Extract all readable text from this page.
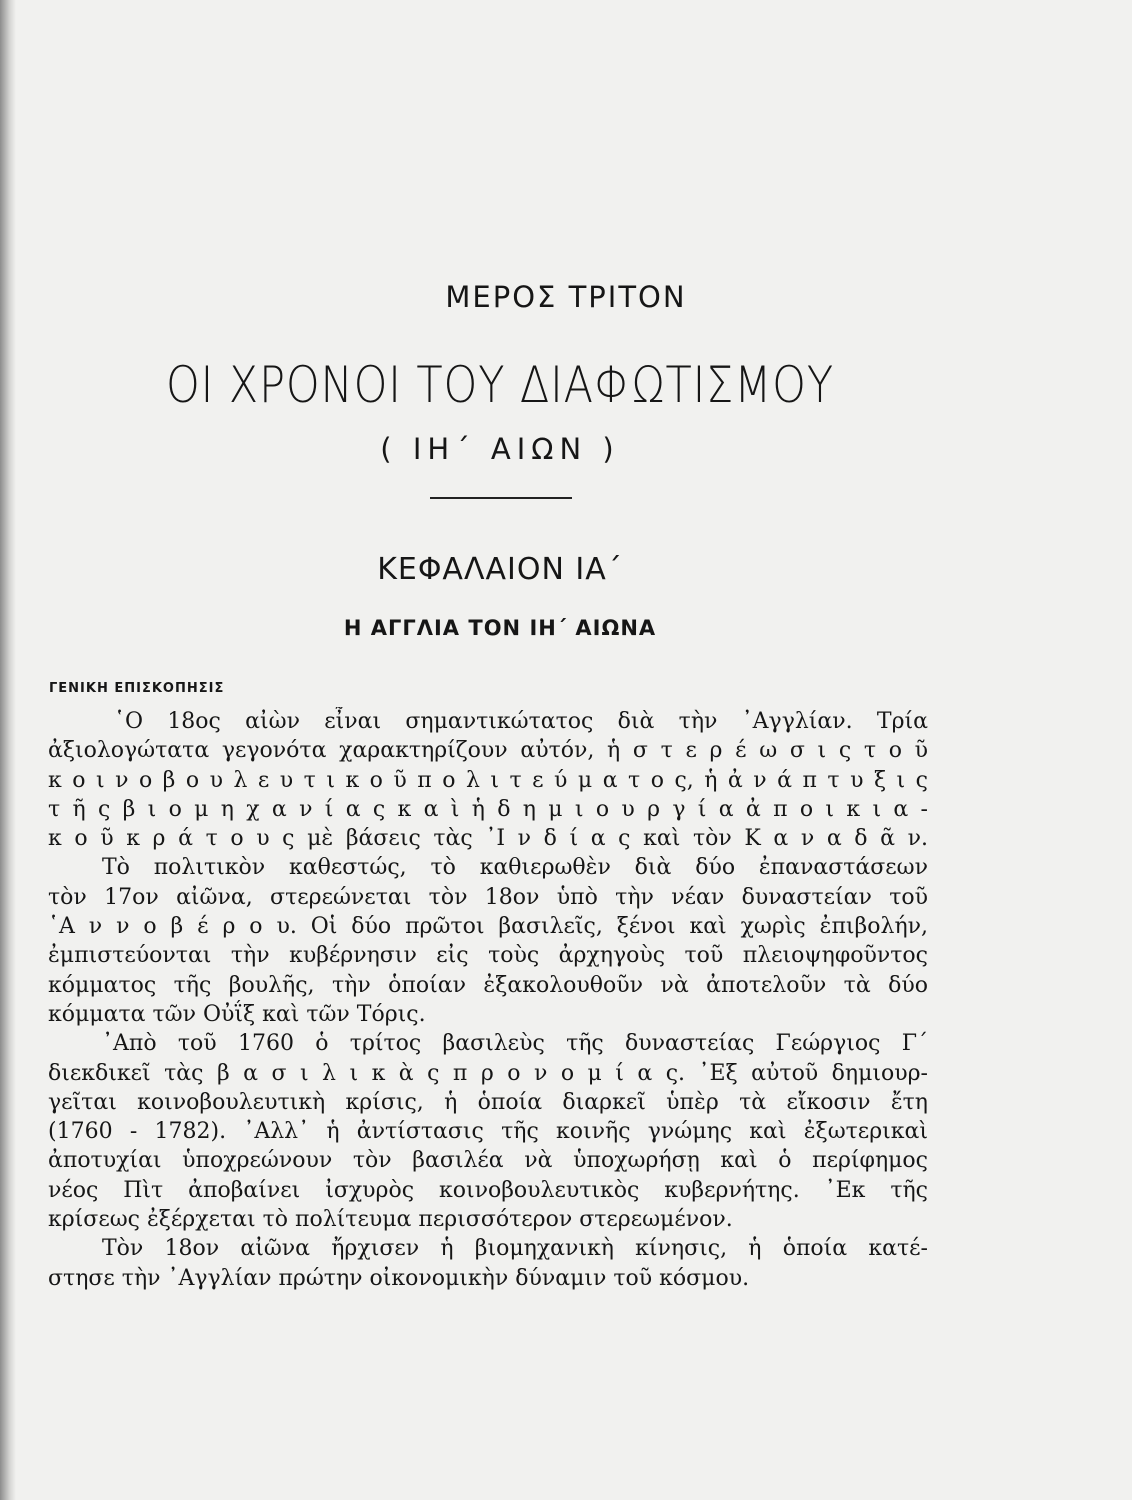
ΜΕΡΟΣ ΤΡΙΤΟΝ
ΟΙ ΧΡΟΝΟΙ ΤΟΥ ΔΙΑΦΩΤΙΣΜΟΥ
( ΙΗ΄ ΑΙΩΝ )
ΚΕΦΑΛΑΙΟΝ ΙΑ΄
Η ΑΓΓΛΙΑ ΤΟΝ ΙΗ΄ ΑΙΩΝΑ
ΓΕΝΙΚΗ ΕΠΙΣΚΟΠΗΣΙΣ
῾Ο 18ος αἰὼν εἶναι σημαντικώτατος διὰ τὴν ᾿Αγγλίαν. Τρία
ἀξιολογώτατα γεγονότα χαρακτηρίζουν αὐτόν, ἡ σ τ ε ρ έ ω σ ι ς τ ο ῦ
κ ο ι ν ο β ο υ λ ε υ τ ι κ ο ῦ π ο λ ι τ ε ύ μ α τ ο ς, ἡ ἀ ν ά π τ υ ξ ι ς
τ ῆ ς β ι ο μ η χ α ν ί α ς κ α ὶ ἡ δ η μ ι ο υ ρ γ ί α ἀ π ο ι κ ι α -
κ ο ῦ κ ρ ά τ ο υ ς μὲ βάσεις τὰς ᾿Ι ν δ ί α ς καὶ τὸν Κ α ν α δ ᾶ ν.
Τὸ πολιτικὸν καθεστώς, τὸ καθιερωθὲν διὰ δύο ἐπαναστάσεων
τὸν 17ον αἰῶνα, στερεώνεται τὸν 18ον ὑπὸ τὴν νέαν δυναστείαν τοῦ
῾Α ν ν ο β έ ρ ο υ. Οἱ δύο πρῶτοι βασιλεῖς, ξένοι καὶ χωρὶς ἐπιβολήν,
ἐμπιστεύονται τὴν κυβέρνησιν εἰς τοὺς ἀρχηγοὺς τοῦ πλειοψηφοῦντος
κόμματος τῆς βουλῆς, τὴν ὁποίαν ἐξακολουθοῦν νὰ ἀποτελοῦν τὰ δύο
κόμματα τῶν Οὐΐξ καὶ τῶν Τόρις.
᾿Απὸ τοῦ 1760 ὁ τρίτος βασιλεὺς τῆς δυναστείας Γεώργιος Γ΄
διεκδικεῖ τὰς β α σ ι λ ι κ ὰ ς π ρ ο ν ο μ ί α ς. ᾿Εξ αὐτοῦ δημιουρ-
γεῖται κοινοβουλευτικὴ κρίσις, ἡ ὁποία διαρκεῖ ὑπὲρ τὰ εἴκοσιν ἔτη
(1760 - 1782). ᾿Αλλ᾿ ἡ ἀντίστασις τῆς κοινῆς γνώμης καὶ ἐξωτερικαὶ
ἀποτυχίαι ὑποχρεώνουν τὸν βασιλέα νὰ ὑποχωρήσῃ καὶ ὁ περίφημος
νέος Πὶτ ἀποβαίνει ἰσχυρὸς κοινοβουλευτικὸς κυβερνήτης. ᾿Εκ τῆς
κρίσεως ἐξέρχεται τὸ πολίτευμα περισσότερον στερεωμένον.
Τὸν 18ον αἰῶνα ἤρχισεν ἡ βιομηχανικὴ κίνησις, ἡ ὁποία κατέ-
στησε τὴν ᾿Αγγλίαν πρώτην οἰκονομικὴν δύναμιν τοῦ κόσμου.
